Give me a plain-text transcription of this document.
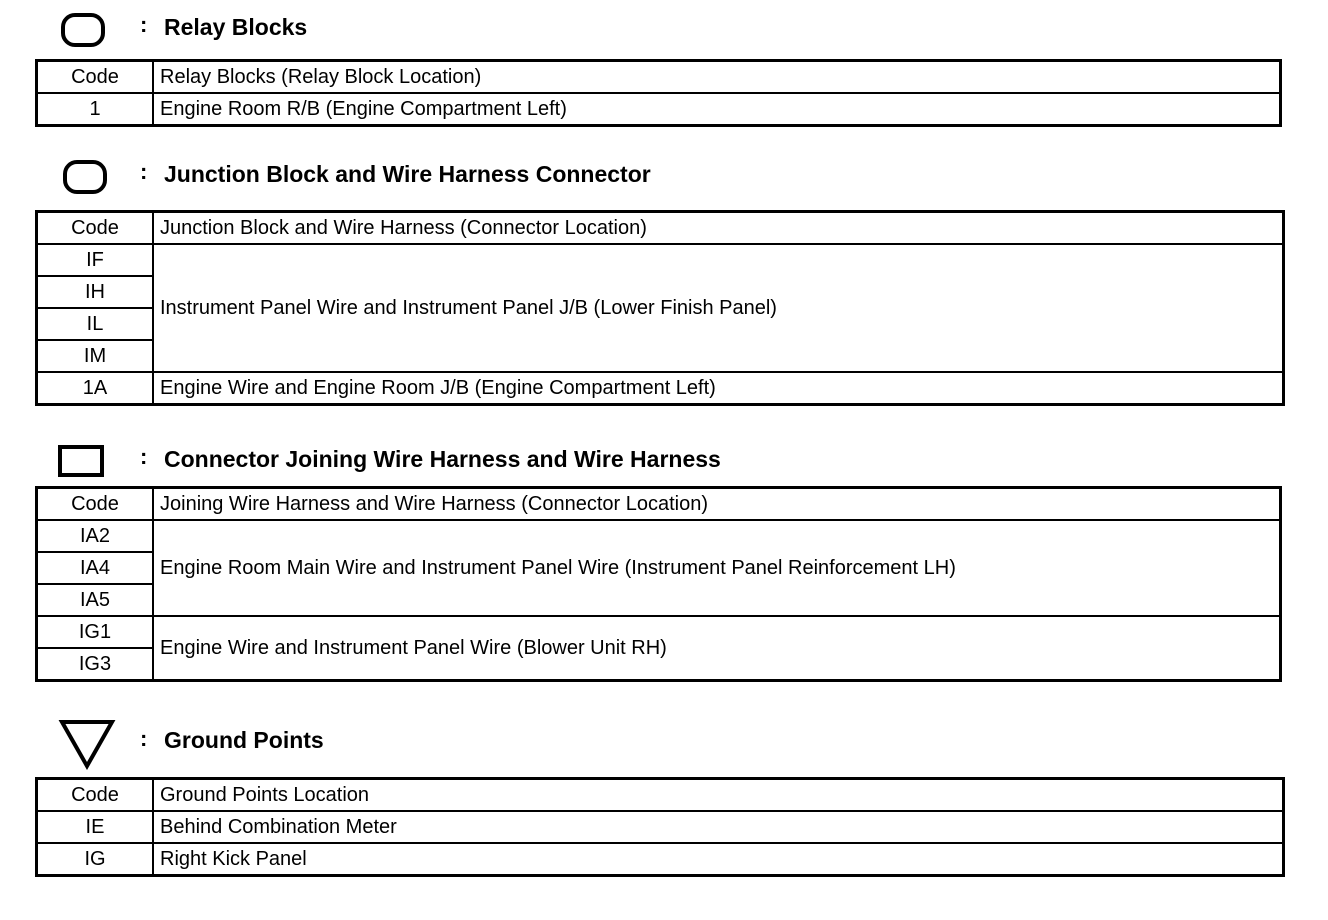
: Relay Blocks
Code	Relay Blocks (Relay Block Location)
1	Engine Room R/B (Engine Compartment Left)
: Junction Block and Wire Harness Connector
Code	Junction Block and Wire Harness (Connector Location)
IF	Instrument Panel Wire and Instrument Panel J/B (Lower Finish Panel)
IH	
IL	
IM	
1A	Engine Wire and Engine Room J/B (Engine Compartment Left)
: Connector Joining Wire Harness and Wire Harness
Code	Joining Wire Harness and Wire Harness (Connector Location)
IA2	Engine Room Main Wire and Instrument Panel Wire (Instrument Panel Reinforcement LH)
IA4	
IA5	
IG1	Engine Wire and Instrument Panel Wire (Blower Unit RH)
IG3	
: Ground Points
Code	Ground Points Location
IE	Behind Combination Meter
IG	Right Kick Panel
